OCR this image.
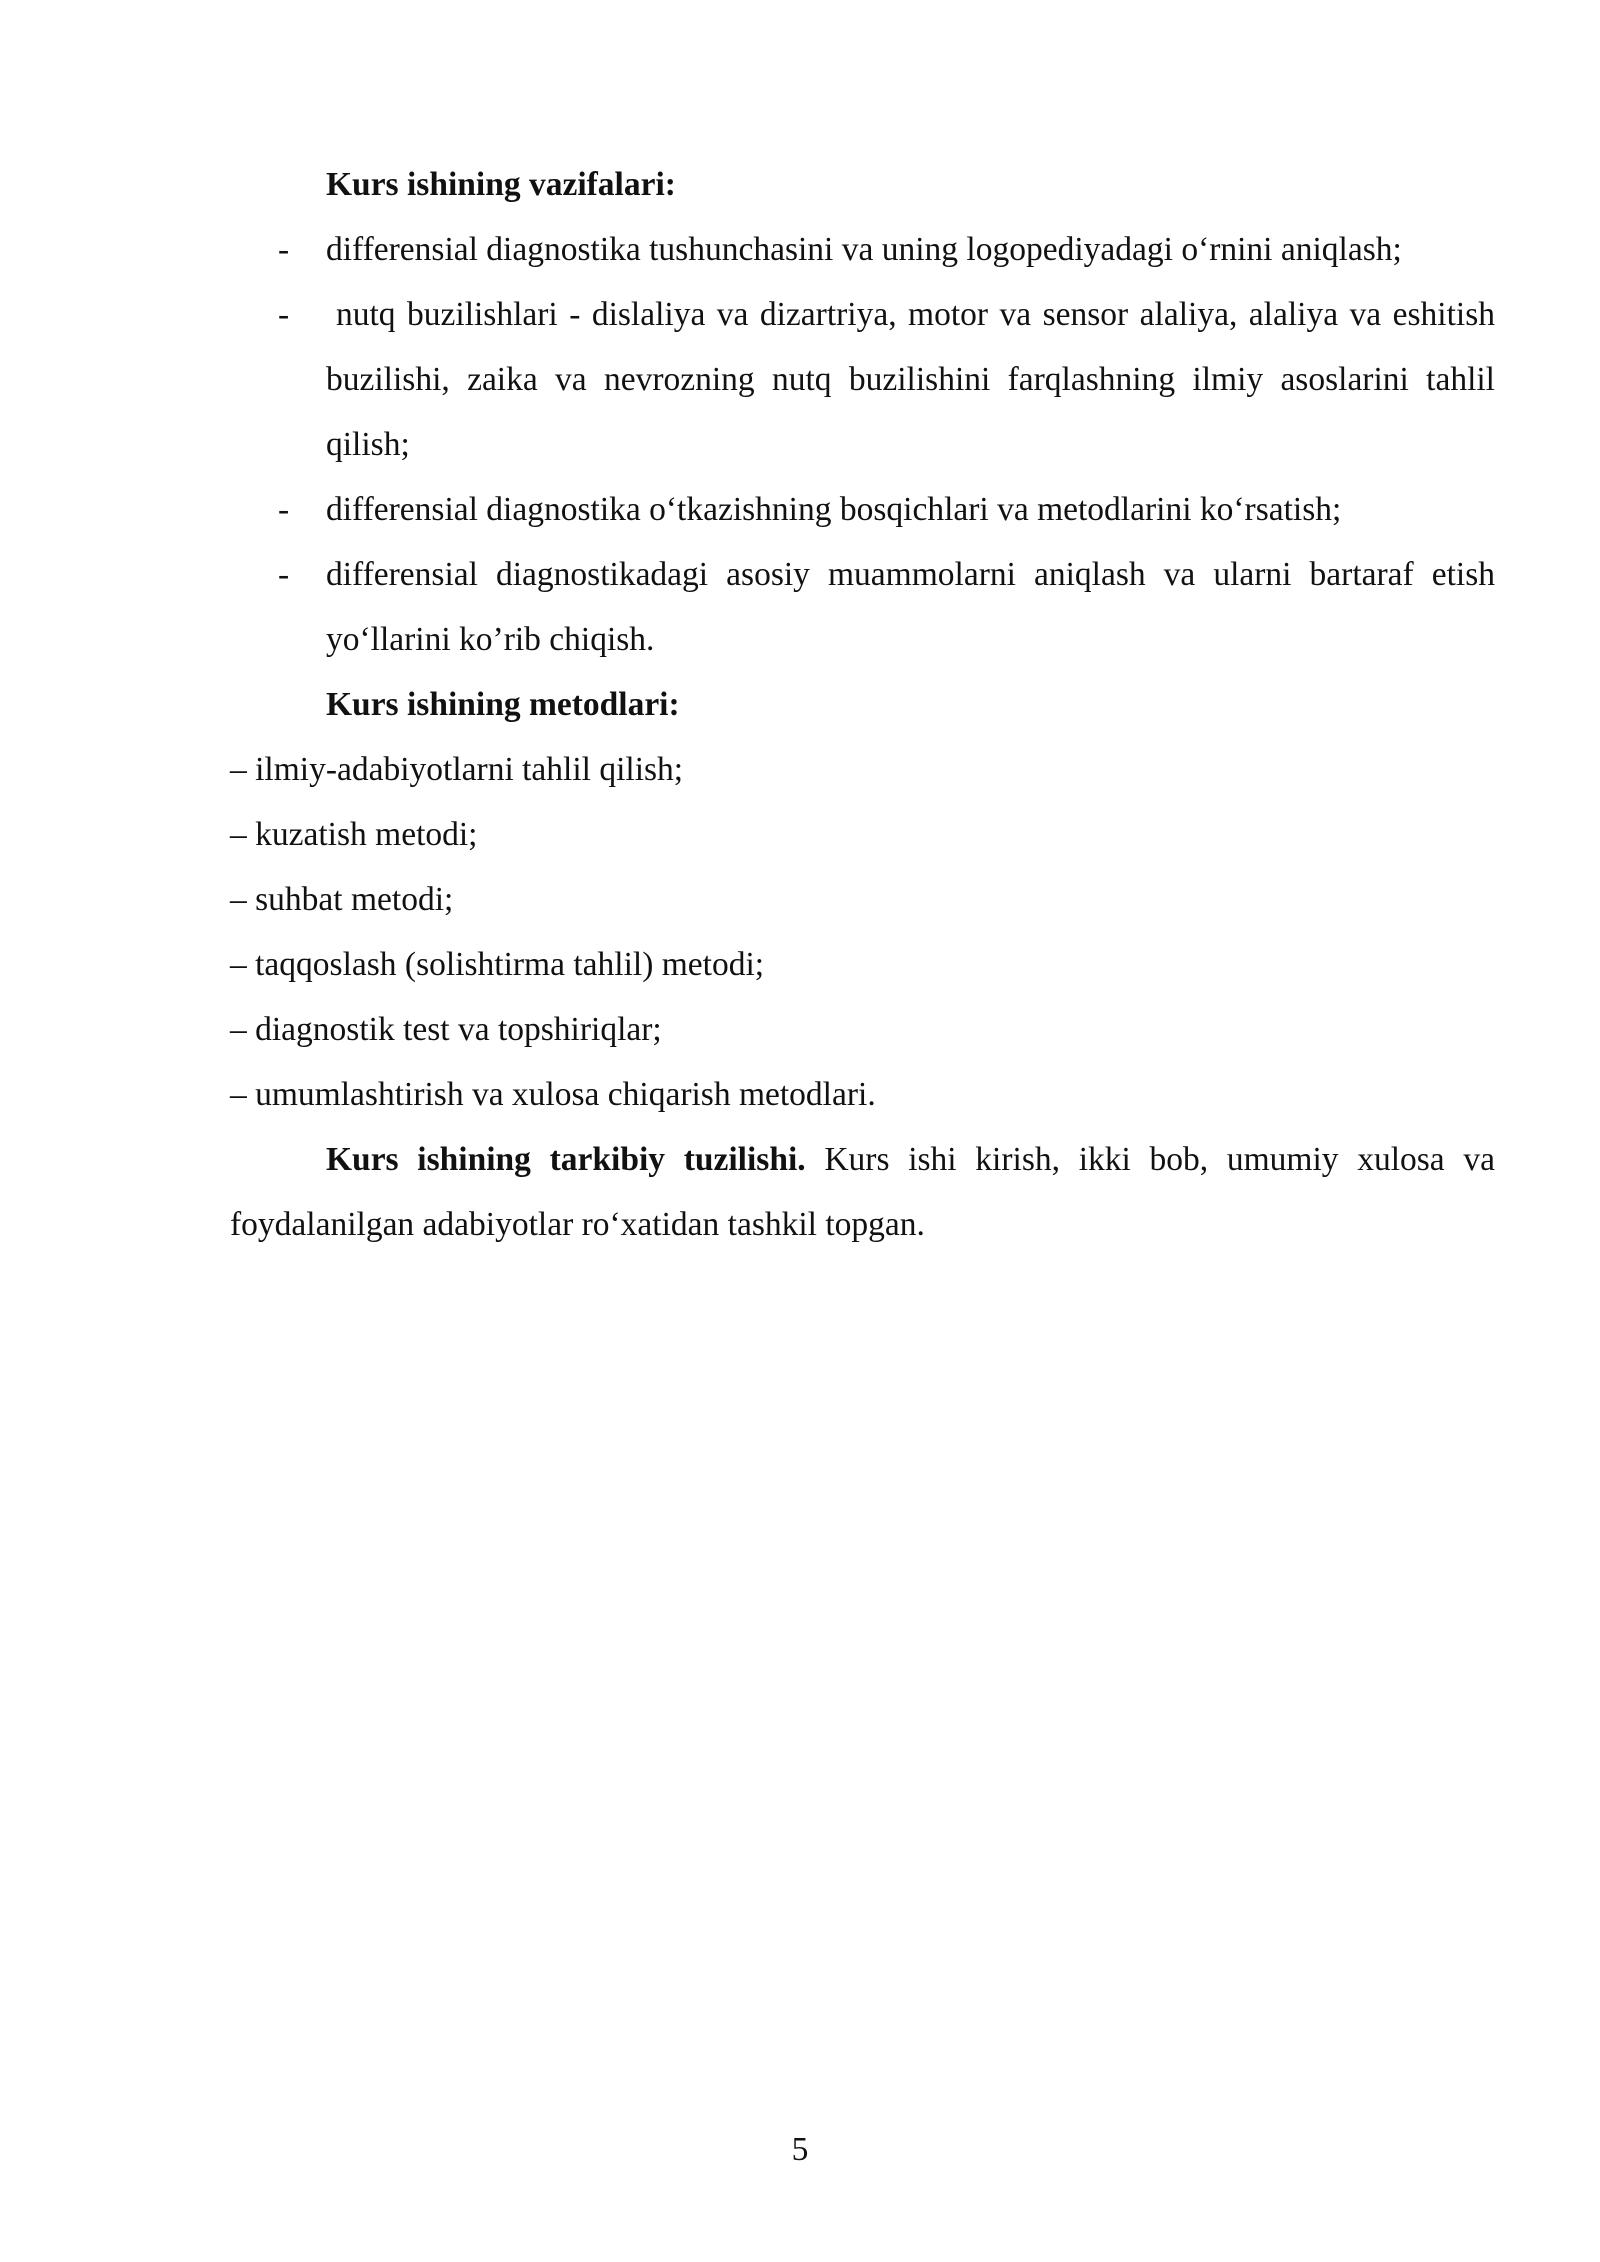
Kurs ishining vazifalari:

- differensial diagnostika tushunchasini va uning logopediyadagi o‘rnini aniqlash;
- nutq buzilishlari - dislaliya va dizartriya, motor va sensor alaliya, alaliya va eshitish buzilishi, zaika va nevrozning nutq buzilishini farqlashning ilmiy asoslarini tahlil qilish;
- differensial diagnostika o‘tkazishning bosqichlari va metodlarini ko‘rsatish;
- differensial diagnostikadagi asosiy muammolarni aniqlash va ularni bartaraf etish yo‘llarini ko’rib chiqish.

Kurs ishining metodlari:

– ilmiy-adabiyotlarni tahlil qilish;
– kuzatish metodi;
– suhbat metodi;
– taqqoslash (solishtirma tahlil) metodi;
– diagnostik test va topshiriqlar;
– umumlashtirish va xulosa chiqarish metodlari.

Kurs ishining tarkibiy tuzilishi. Kurs ishi kirish, ikki bob, umumiy xulosa va foydalanilgan adabiyotlar ro‘xatidan tashkil topgan.

5
